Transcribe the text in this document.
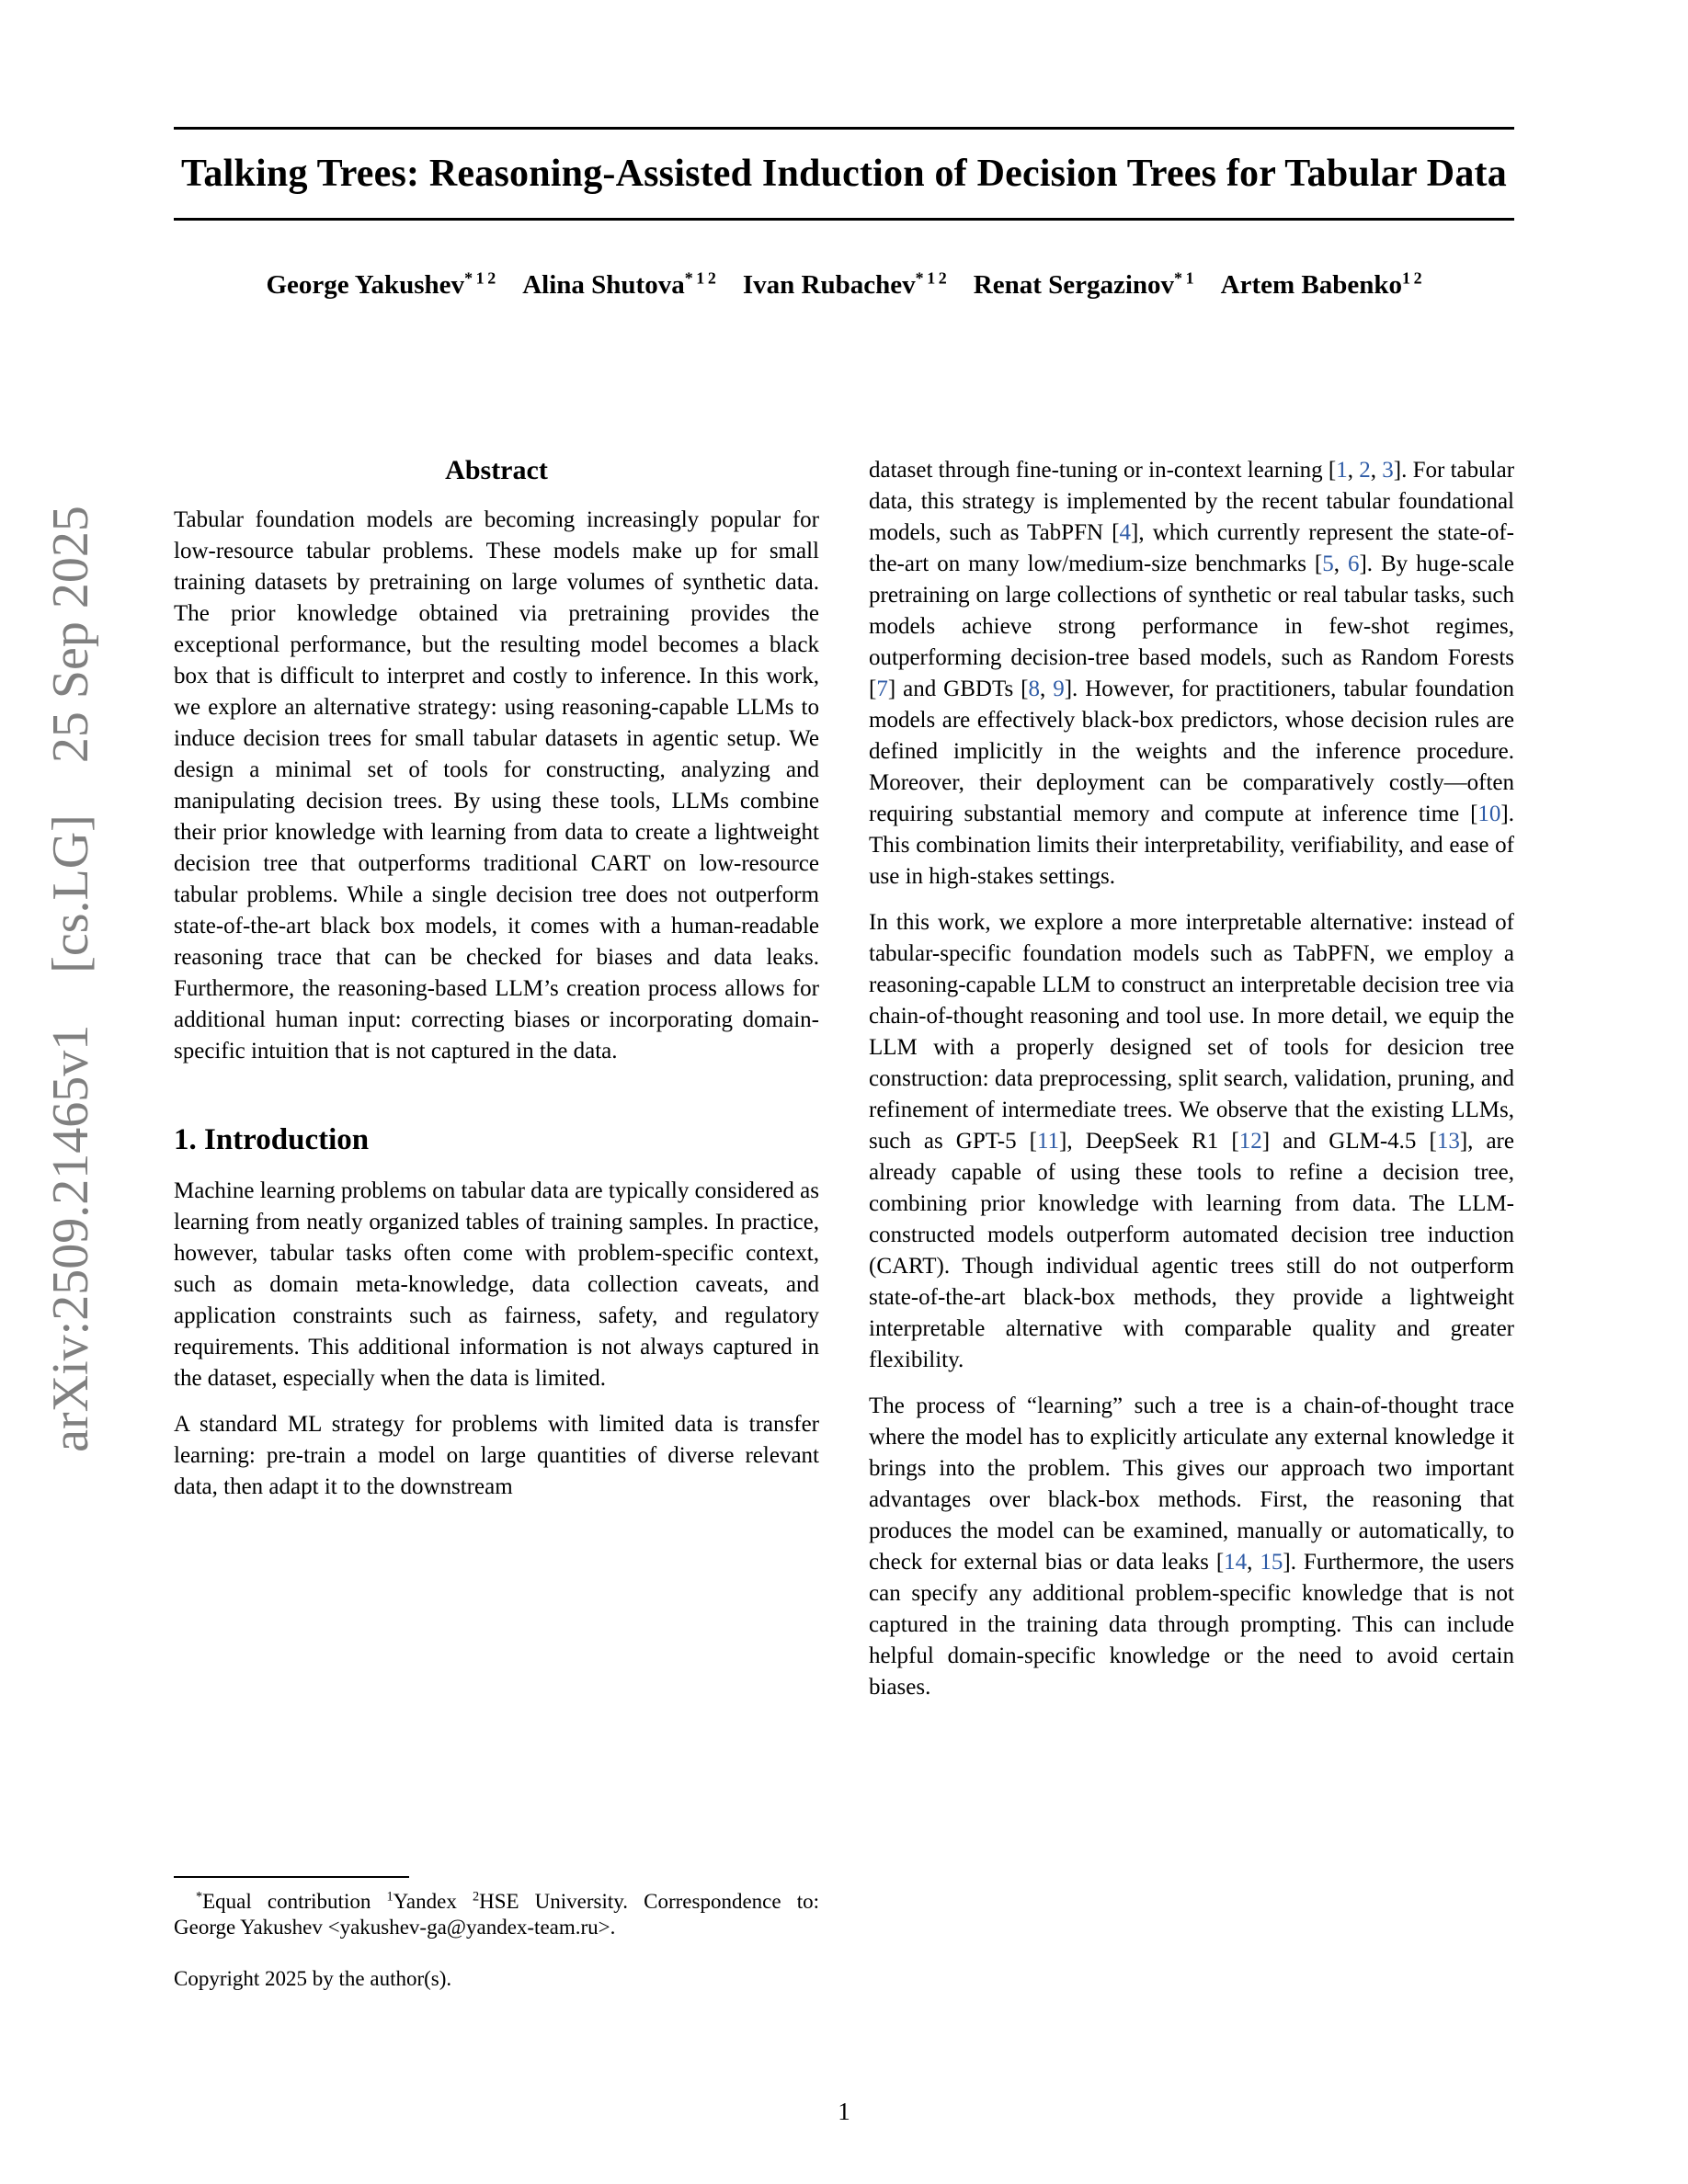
arXiv:2509.21465v1  [cs.LG]  25 Sep 2025
Talking Trees: Reasoning-Assisted Induction of Decision Trees for Tabular Data
George Yakushev$^{* 1 2}$   Alina Shutova$^{* 1 2}$   Ivan Rubachev$^{* 1 2}$   Renat Sergazinov$^{* 1}$   Artem Babenko$^{1 2}$
Abstract

Tabular foundation models are becoming increasingly popular for low-resource tabular problems. These models make up for small training datasets by pretraining on large volumes of synthetic data. The prior knowledge obtained via pretraining provides the exceptional performance, but the resulting model becomes a black box that is difficult to interpret and costly to inference. In this work, we explore an alternative strategy: using reasoning-capable LLMs to induce decision trees for small tabular datasets in agentic setup. We design a minimal set of tools for constructing, analyzing and manipulating decision trees. By using these tools, LLMs combine their prior knowledge with learning from data to create a lightweight decision tree that outperforms traditional CART on low-resource tabular problems. While a single decision tree does not outperform state-of-the-art black box models, it comes with a human-readable reasoning trace that can be checked for biases and data leaks. Furthermore, the reasoning-based LLM’s creation process allows for additional human input: correcting biases or incorporating domain-specific intuition that is not captured in the data.

1. Introduction

Machine learning problems on tabular data are typically considered as learning from neatly organized tables of training samples. In practice, however, tabular tasks often come with problem-specific context, such as domain meta-knowledge, data collection caveats, and application constraints such as fairness, safety, and regulatory requirements. This additional information is not always captured in the dataset, especially when the data is limited.

A standard ML strategy for problems with limited data is transfer learning: pre-train a model on large quantities of diverse relevant data, then adapt it to the downstream

*Equal contribution $^1$Yandex $^2$HSE University. Correspondence to: George Yakushev <yakushev-ga@yandex-team.ru>.

Copyright 2025 by the author(s).

dataset through fine-tuning or in-context learning [1, 2, 3]. For tabular data, this strategy is implemented by the recent tabular foundational models, such as TabPFN [4], which currently represent the state-of-the-art on many low/medium-size benchmarks [5, 6]. By huge-scale pretraining on large collections of synthetic or real tabular tasks, such models achieve strong performance in few-shot regimes, outperforming decision-tree based models, such as Random Forests [7] and GBDTs [8, 9]. However, for practitioners, tabular foundation models are effectively black-box predictors, whose decision rules are defined implicitly in the weights and the inference procedure. Moreover, their deployment can be comparatively costly—often requiring substantial memory and compute at inference time [10]. This combination limits their interpretability, verifiability, and ease of use in high-stakes settings.

In this work, we explore a more interpretable alternative: instead of tabular-specific foundation models such as TabPFN, we employ a reasoning-capable LLM to construct an interpretable decision tree via chain-of-thought reasoning and tool use. In more detail, we equip the LLM with a properly designed set of tools for desicion tree construction: data preprocessing, split search, validation, pruning, and refinement of intermediate trees. We observe that the existing LLMs, such as GPT-5 [11], DeepSeek R1 [12] and GLM-4.5 [13], are already capable of using these tools to refine a decision tree, combining prior knowledge with learning from data. The LLM-constructed models outperform automated decision tree induction (CART). Though individual agentic trees still do not outperform state-of-the-art black-box methods, they provide a lightweight interpretable alternative with comparable quality and greater flexibility.

The process of “learning” such a tree is a chain-of-thought trace where the model has to explicitly articulate any external knowledge it brings into the problem. This gives our approach two important advantages over black-box methods. First, the reasoning that produces the model can be examined, manually or automatically, to check for external bias or data leaks [14, 15]. Furthermore, the users can specify any additional problem-specific knowledge that is not captured in the training data through prompting. This can include helpful domain-specific knowledge or the need to avoid certain biases.

1
